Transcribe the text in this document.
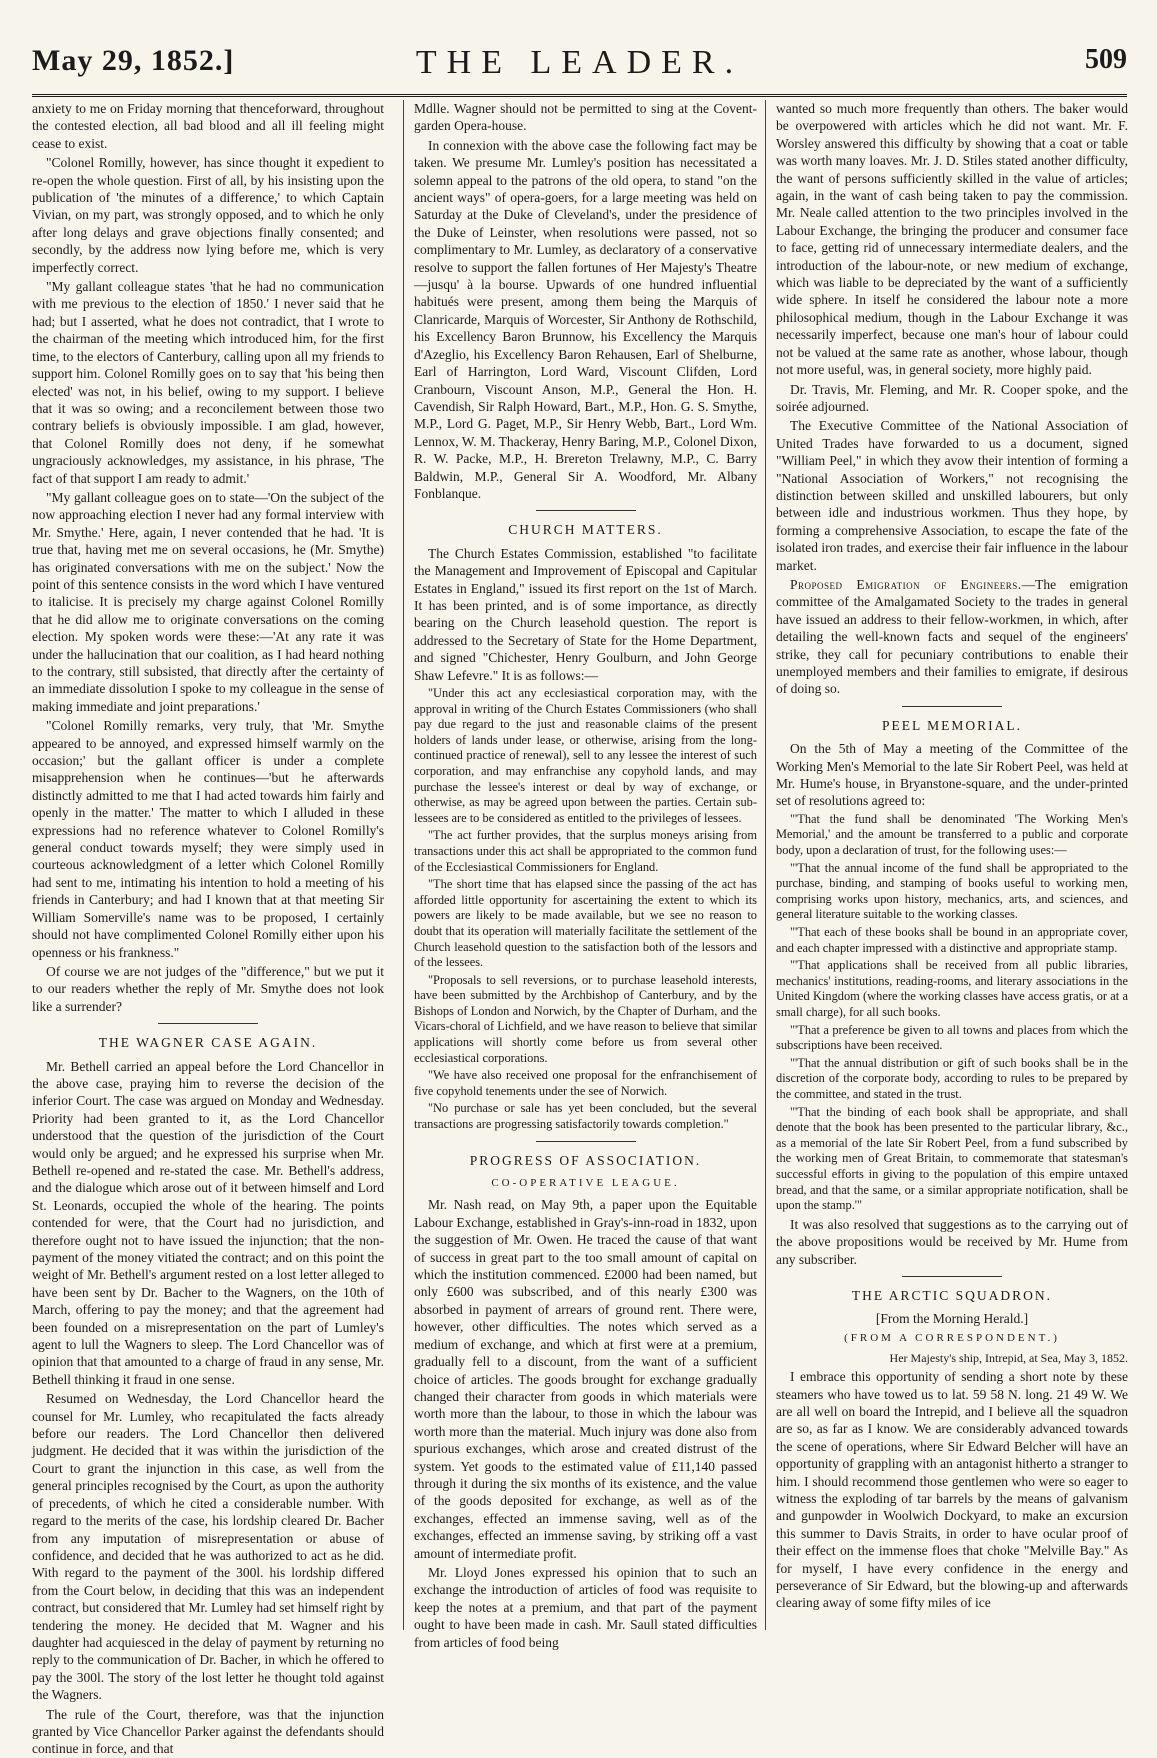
May 29, 1852.]	THE LEADER.	509

anxiety to me on Friday morning that thenceforward, throughout the contested election, all bad blood and all ill feeling might cease to exist.

"Colonel Romilly, however, has since thought it expedient to re-open the whole question. First of all, by his insisting upon the publication of 'the minutes of a difference,' to which Captain Vivian, on my part, was strongly opposed, and to which he only after long delays and grave objections finally consented; and secondly, by the address now lying before me, which is very imperfectly correct.

"My gallant colleague states 'that he had no communication with me previous to the election of 1850.' I never said that he had; but I asserted, what he does not contradict, that I wrote to the chairman of the meeting which introduced him, for the first time, to the electors of Canterbury, calling upon all my friends to support him. Colonel Romilly goes on to say that 'his being then elected' was not, in his belief, owing to my support. I believe that it was so owing; and a reconcilement between those two contrary beliefs is obviously impossible. I am glad, however, that Colonel Romilly does not deny, if he somewhat ungraciously acknowledges, my assistance, in his phrase, 'The fact of that support I am ready to admit.'

"My gallant colleague goes on to state—'On the subject of the now approaching election I never had any formal interview with Mr. Smythe.' Here, again, I never contended that he had. 'It is true that, having met me on several occasions, he (Mr. Smythe) has originated conversations with me on the subject.' Now the point of this sentence consists in the word which I have ventured to italicise. It is precisely my charge against Colonel Romilly that he did allow me to originate conversations on the coming election. My spoken words were these:—'At any rate it was under the hallucination that our coalition, as I had heard nothing to the contrary, still subsisted, that directly after the certainty of an immediate dissolution I spoke to my colleague in the sense of making immediate and joint preparations.'

"Colonel Romilly remarks, very truly, that 'Mr. Smythe appeared to be annoyed, and expressed himself warmly on the occasion;' but the gallant officer is under a complete misapprehension when he continues—'but he afterwards distinctly admitted to me that I had acted towards him fairly and openly in the matter.' The matter to which I alluded in these expressions had no reference whatever to Colonel Romilly's general conduct towards myself; they were simply used in courteous acknowledgment of a letter which Colonel Romilly had sent to me, intimating his intention to hold a meeting of his friends in Canterbury; and had I known that at that meeting Sir William Somerville's name was to be proposed, I certainly should not have complimented Colonel Romilly either upon his openness or his frankness."

Of course we are not judges of the "difference," but we put it to our readers whether the reply of Mr. Smythe does not look like a surrender?

THE WAGNER CASE AGAIN.

Mr. Bethell carried an appeal before the Lord Chancellor in the above case, praying him to reverse the decision of the inferior Court. The case was argued on Monday and Wednesday. Priority had been granted to it, as the Lord Chancellor understood that the question of the jurisdiction of the Court would only be argued; and he expressed his surprise when Mr. Bethell re-opened and re-stated the case. Mr. Bethell's address, and the dialogue which arose out of it between himself and Lord St. Leonards, occupied the whole of the hearing. The points contended for were, that the Court had no jurisdiction, and therefore ought not to have issued the injunction; that the non-payment of the money vitiated the contract; and on this point the weight of Mr. Bethell's argument rested on a lost letter alleged to have been sent by Dr. Bacher to the Wagners, on the 10th of March, offering to pay the money; and that the agreement had been founded on a misrepresentation on the part of Lumley's agent to lull the Wagners to sleep. The Lord Chancellor was of opinion that that amounted to a charge of fraud in any sense, Mr. Bethell thinking it fraud in one sense.

Resumed on Wednesday, the Lord Chancellor heard the counsel for Mr. Lumley, who recapitulated the facts already before our readers. The Lord Chancellor then delivered judgment. He decided that it was within the jurisdiction of the Court to grant the injunction in this case, as well from the general principles recognised by the Court, as upon the authority of precedents, of which he cited a considerable number. With regard to the merits of the case, his lordship cleared Dr. Bacher from any imputation of misrepresentation or abuse of confidence, and decided that he was authorized to act as he did. With regard to the payment of the 300l. his lordship differed from the Court below, in deciding that this was an independent contract, but considered that Mr. Lumley had set himself right by tendering the money. He decided that M. Wagner and his daughter had acquiesced in the delay of payment by returning no reply to the communication of Dr. Bacher, in which he offered to pay the 300l. The story of the lost letter he thought told against the Wagners.

The rule of the Court, therefore, was that the injunction granted by Vice Chancellor Parker against the defendants should continue in force, and that

Mdlle. Wagner should not be permitted to sing at the Covent-garden Opera-house.

In connexion with the above case the following fact may be taken. We presume Mr. Lumley's position has necessitated a solemn appeal to the patrons of the old opera, to stand "on the ancient ways" of opera-goers, for a large meeting was held on Saturday at the Duke of Cleveland's, under the presidence of the Duke of Leinster, when resolutions were passed, not so complimentary to Mr. Lumley, as declaratory of a conservative resolve to support the fallen fortunes of Her Majesty's Theatre—jusqu' à la bourse. Upwards of one hundred influential habitués were present, among them being the Marquis of Clanricarde, Marquis of Worcester, Sir Anthony de Rothschild, his Excellency Baron Brunnow, his Excellency the Marquis d'Azeglio, his Excellency Baron Rehausen, Earl of Shelburne, Earl of Harrington, Lord Ward, Viscount Clifden, Lord Cranbourn, Viscount Anson, M.P., General the Hon. H. Cavendish, Sir Ralph Howard, Bart., M.P., Hon. G. S. Smythe, M.P., Lord G. Paget, M.P., Sir Henry Webb, Bart., Lord Wm. Lennox, W. M. Thackeray, Henry Baring, M.P., Colonel Dixon, R. W. Packe, M.P., H. Brereton Trelawny, M.P., C. Barry Baldwin, M.P., General Sir A. Woodford, Mr. Albany Fonblanque.

CHURCH MATTERS.

The Church Estates Commission, established "to facilitate the Management and Improvement of Episcopal and Capitular Estates in England," issued its first report on the 1st of March. It has been printed, and is of some importance, as directly bearing on the Church leasehold question. The report is addressed to the Secretary of State for the Home Department, and signed "Chichester, Henry Goulburn, and John George Shaw Lefevre." It is as follows:—

"Under this act any ecclesiastical corporation may, with the approval in writing of the Church Estates Commissioners (who shall pay due regard to the just and reasonable claims of the present holders of lands under lease, or otherwise, arising from the long-continued practice of renewal), sell to any lessee the interest of such corporation, and may enfranchise any copyhold lands, and may purchase the lessee's interest or deal by way of exchange, or otherwise, as may be agreed upon between the parties. Certain sub-lessees are to be considered as entitled to the privileges of lessees.

"The act further provides, that the surplus moneys arising from transactions under this act shall be appropriated to the common fund of the Ecclesiastical Commissioners for England.

"The short time that has elapsed since the passing of the act has afforded little opportunity for ascertaining the extent to which its powers are likely to be made available, but we see no reason to doubt that its operation will materially facilitate the settlement of the Church leasehold question to the satisfaction both of the lessors and of the lessees.

"Proposals to sell reversions, or to purchase leasehold interests, have been submitted by the Archbishop of Canterbury, and by the Bishops of London and Norwich, by the Chapter of Durham, and the Vicars-choral of Lichfield, and we have reason to believe that similar applications will shortly come before us from several other ecclesiastical corporations.

"We have also received one proposal for the enfranchisement of five copyhold tenements under the see of Norwich.

"No purchase or sale has yet been concluded, but the several transactions are progressing satisfactorily towards completion."

PROGRESS OF ASSOCIATION.
CO-OPERATIVE LEAGUE.

Mr. Nash read, on May 9th, a paper upon the Equitable Labour Exchange, established in Gray's-inn-road in 1832, upon the suggestion of Mr. Owen. He traced the cause of that want of success in great part to the too small amount of capital on which the institution commenced. £2000 had been named, but only £600 was subscribed, and of this nearly £300 was absorbed in payment of arrears of ground rent. There were, however, other difficulties. The notes which served as a medium of exchange, and which at first were at a premium, gradually fell to a discount, from the want of a sufficient choice of articles. The goods brought for exchange gradually changed their character from goods in which materials were worth more than the labour, to those in which the labour was worth more than the material. Much injury was done also from spurious exchanges, which arose and created distrust of the system. Yet goods to the estimated value of £11,140 passed through it during the six months of its existence, and the value of the goods deposited for exchange, as well as of the exchanges, effected an immense saving, well as of the exchanges, effected an immense saving, by striking off a vast amount of intermediate profit.

Mr. Lloyd Jones expressed his opinion that to such an exchange the introduction of articles of food was requisite to keep the notes at a premium, and that part of the payment ought to have been made in cash. Mr. Saull stated difficulties from articles of food being

wanted so much more frequently than others. The baker would be overpowered with articles which he did not want. Mr. F. Worsley answered this difficulty by showing that a coat or table was worth many loaves. Mr. J. D. Stiles stated another difficulty, the want of persons sufficiently skilled in the value of articles; again, in the want of cash being taken to pay the commission. Mr. Neale called attention to the two principles involved in the Labour Exchange, the bringing the producer and consumer face to face, getting rid of unnecessary intermediate dealers, and the introduction of the labour-note, or new medium of exchange, which was liable to be depreciated by the want of a sufficiently wide sphere. In itself he considered the labour note a more philosophical medium, though in the Labour Exchange it was necessarily imperfect, because one man's hour of labour could not be valued at the same rate as another, whose labour, though not more useful, was, in general society, more highly paid.

Dr. Travis, Mr. Fleming, and Mr. R. Cooper spoke, and the soirée adjourned.

The Executive Committee of the National Association of United Trades have forwarded to us a document, signed "William Peel," in which they avow their intention of forming a "National Association of Workers," not recognising the distinction between skilled and unskilled labourers, but only between idle and industrious workmen. Thus they hope, by forming a comprehensive Association, to escape the fate of the isolated iron trades, and exercise their fair influence in the labour market.

Proposed Emigration of Engineers.—The emigration committee of the Amalgamated Society to the trades in general have issued an address to their fellow-workmen, in which, after detailing the well-known facts and sequel of the engineers' strike, they call for pecuniary contributions to enable their unemployed members and their families to emigrate, if desirous of doing so.

PEEL MEMORIAL.

On the 5th of May a meeting of the Committee of the Working Men's Memorial to the late Sir Robert Peel, was held at Mr. Hume's house, in Bryanstone-square, and the under-printed set of resolutions agreed to:

"'That the fund shall be denominated 'The Working Men's Memorial,' and the amount be transferred to a public and corporate body, upon a declaration of trust, for the following uses:—

"'That the annual income of the fund shall be appropriated to the purchase, binding, and stamping of books useful to working men, comprising works upon history, mechanics, arts, and sciences, and general literature suitable to the working classes.

"'That each of these books shall be bound in an appropriate cover, and each chapter impressed with a distinctive and appropriate stamp.

"'That applications shall be received from all public libraries, mechanics' institutions, reading-rooms, and literary associations in the United Kingdom (where the working classes have access gratis, or at a small charge), for all such books.

"'That a preference be given to all towns and places from which the subscriptions have been received.

"'That the annual distribution or gift of such books shall be in the discretion of the corporate body, according to rules to be prepared by the committee, and stated in the trust.

"'That the binding of each book shall be appropriate, and shall denote that the book has been presented to the particular library, &c., as a memorial of the late Sir Robert Peel, from a fund subscribed by the working men of Great Britain, to commemorate that statesman's successful efforts in giving to the population of this empire untaxed bread, and that the same, or a similar appropriate notification, shall be upon the stamp.'"

It was also resolved that suggestions as to the carrying out of the above propositions would be received by Mr. Hume from any subscriber.

THE ARCTIC SQUADRON.

[From the Morning Herald.]

(FROM A CORRESPONDENT.)

Her Majesty's ship, Intrepid, at Sea, May 3, 1852.

I embrace this opportunity of sending a short note by these steamers who have towed us to lat. 59 58 N. long. 21 49 W. We are all well on board the Intrepid, and I believe all the squadron are so, as far as I know. We are considerably advanced towards the scene of operations, where Sir Edward Belcher will have an opportunity of grappling with an antagonist hitherto a stranger to him. I should recommend those gentlemen who were so eager to witness the exploding of tar barrels by the means of galvanism and gunpowder in Woolwich Dockyard, to make an excursion this summer to Davis Straits, in order to have ocular proof of their effect on the immense floes that choke "Melville Bay." As for myself, I have every confidence in the energy and perseverance of Sir Edward, but the blowing-up and afterwards clearing away of some fifty miles of ice
